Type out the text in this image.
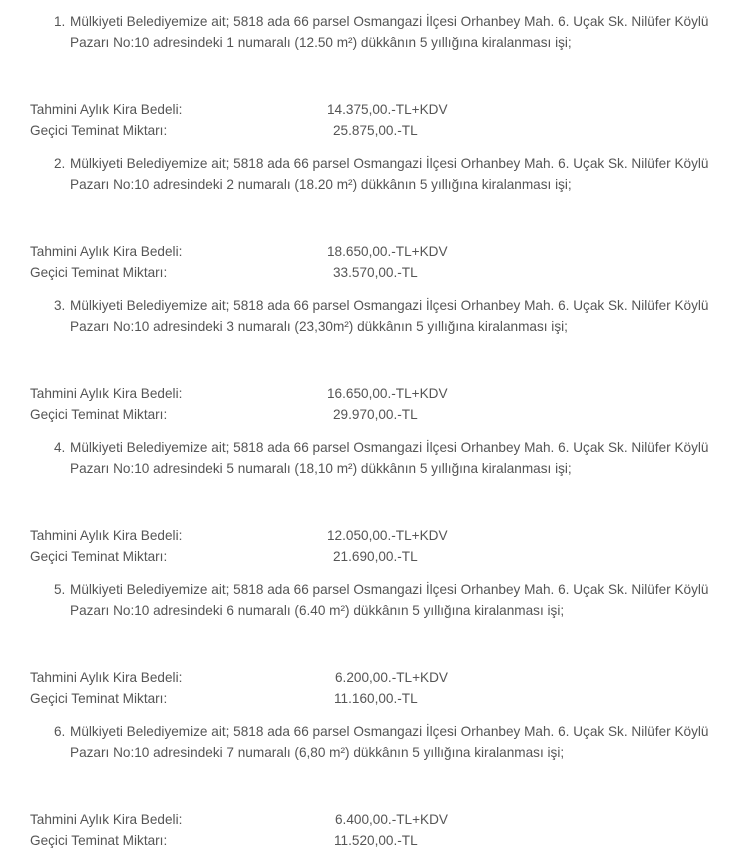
1. Mülkiyeti Belediyemize ait; 5818 ada 66 parsel Osmangazi İlçesi Orhanbey Mah. 6. Uçak Sk. Nilüfer Köylü
Pazarı No:10 adresindeki 1 numaralı (12.50 m²) dükkânın 5 yıllığına kiralanması işi;
Tahmini Aylık Kira Bedeli:	14.375,00.-TL+KDV
Geçici Teminat Miktarı:	25.875,00.-TL
2. Mülkiyeti Belediyemize ait; 5818 ada 66 parsel Osmangazi İlçesi Orhanbey Mah. 6. Uçak Sk. Nilüfer Köylü
Pazarı No:10 adresindeki 2 numaralı (18.20 m²) dükkânın 5 yıllığına kiralanması işi;
Tahmini Aylık Kira Bedeli:	18.650,00.-TL+KDV
Geçici Teminat Miktarı:	33.570,00.-TL
3. Mülkiyeti Belediyemize ait; 5818 ada 66 parsel Osmangazi İlçesi Orhanbey Mah. 6. Uçak Sk. Nilüfer Köylü
Pazarı No:10 adresindeki 3 numaralı (23,30m²) dükkânın 5 yıllığına kiralanması işi;
Tahmini Aylık Kira Bedeli:	16.650,00.-TL+KDV
Geçici Teminat Miktarı:	29.970,00.-TL
4. Mülkiyeti Belediyemize ait; 5818 ada 66 parsel Osmangazi İlçesi Orhanbey Mah. 6. Uçak Sk. Nilüfer Köylü
Pazarı No:10 adresindeki 5 numaralı (18,10 m²) dükkânın 5 yıllığına kiralanması işi;
Tahmini Aylık Kira Bedeli:	12.050,00.-TL+KDV
Geçici Teminat Miktarı:	21.690,00.-TL
5. Mülkiyeti Belediyemize ait; 5818 ada 66 parsel Osmangazi İlçesi Orhanbey Mah. 6. Uçak Sk. Nilüfer Köylü
Pazarı No:10 adresindeki 6 numaralı (6.40 m²) dükkânın 5 yıllığına kiralanması işi;
Tahmini Aylık Kira Bedeli:	6.200,00.-TL+KDV
Geçici Teminat Miktarı:	11.160,00.-TL
6. Mülkiyeti Belediyemize ait; 5818 ada 66 parsel Osmangazi İlçesi Orhanbey Mah. 6. Uçak Sk. Nilüfer Köylü
Pazarı No:10 adresindeki 7 numaralı (6,80 m²) dükkânın 5 yıllığına kiralanması işi;
Tahmini Aylık Kira Bedeli:	6.400,00.-TL+KDV
Geçici Teminat Miktarı:	11.520,00.-TL
